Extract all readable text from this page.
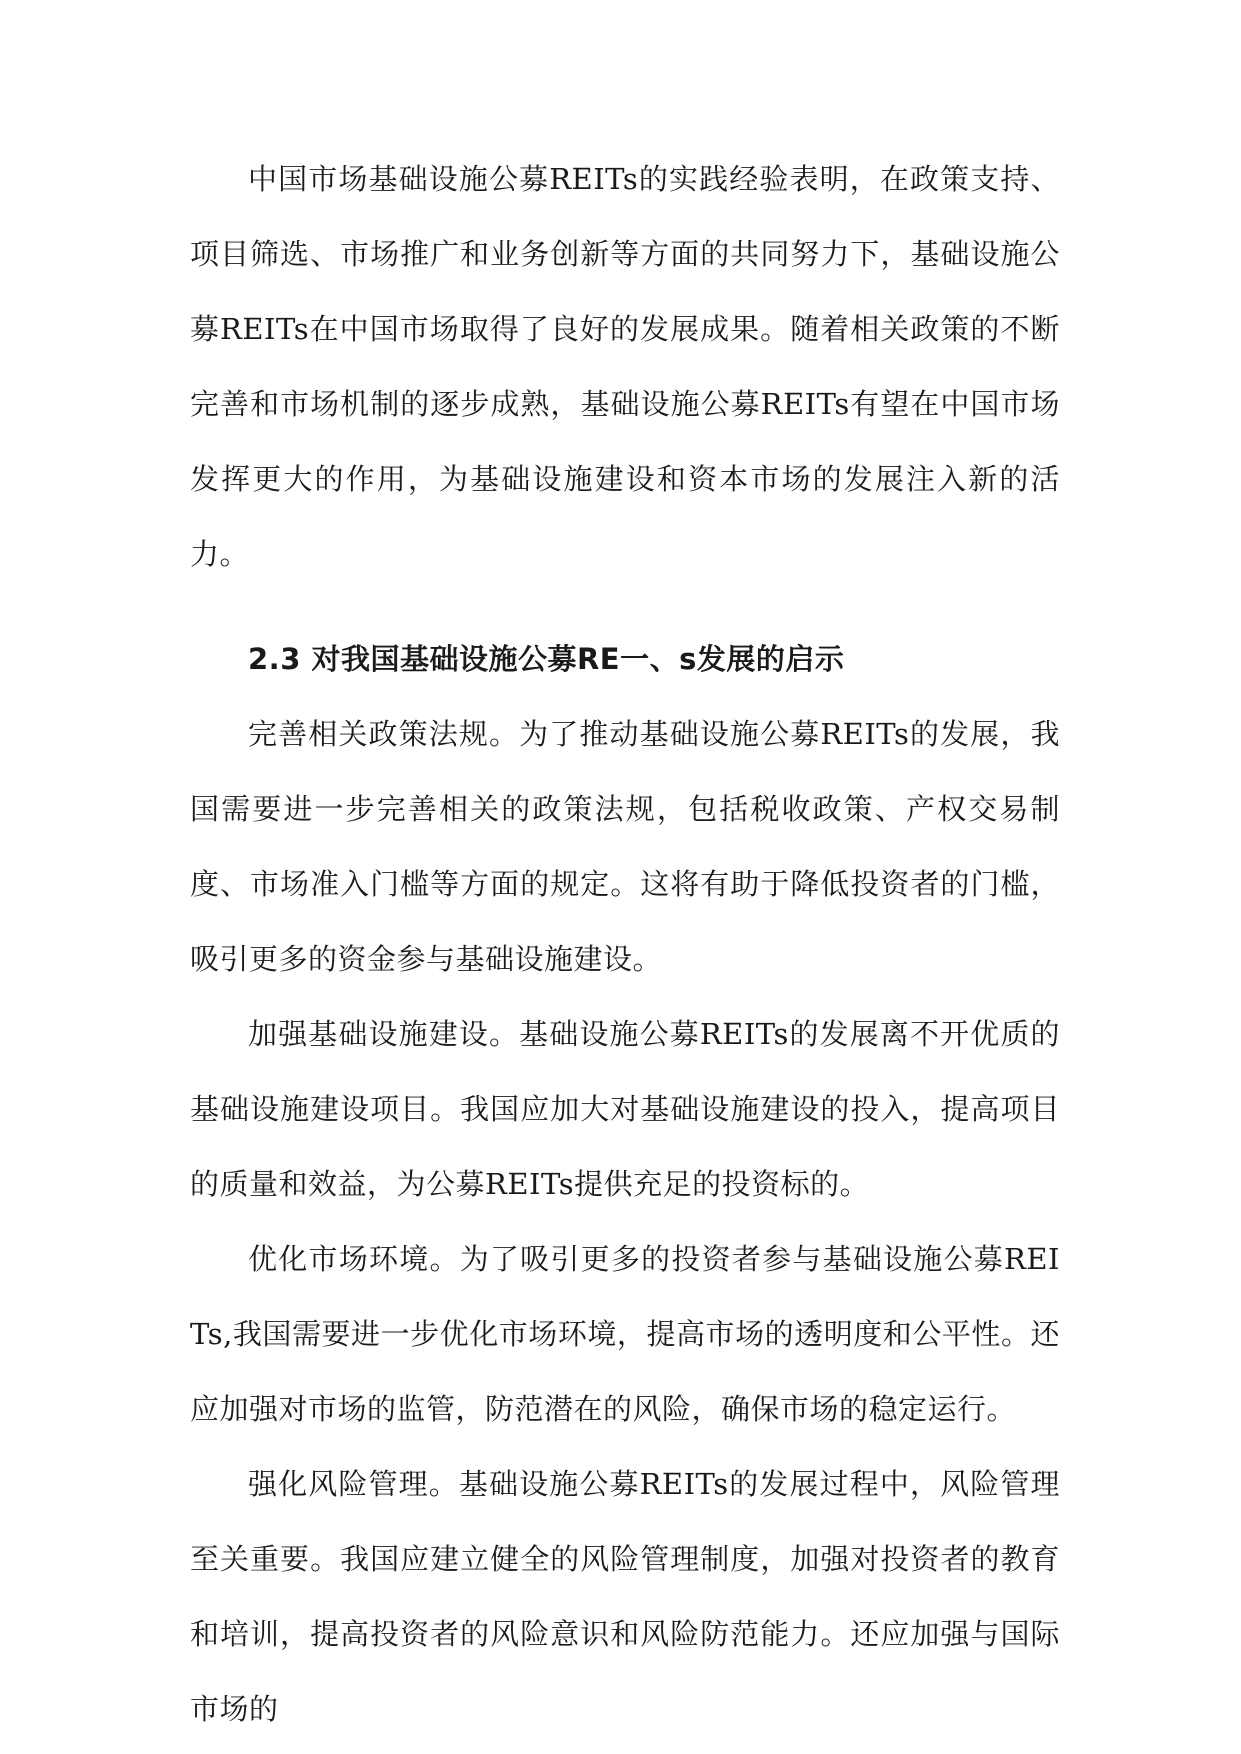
中国市场基础设施公募REITs的实践经验表明，在政策支持、项目筛选、市场推广和业务创新等方面的共同努力下，基础设施公募REITs在中国市场取得了良好的发展成果。随着相关政策的不断完善和市场机制的逐步成熟，基础设施公募REITs有望在中国市场发挥更大的作用，为基础设施建设和资本市场的发展注入新的活力。

2.3 对我国基础设施公募RE一、s发展的启示

完善相关政策法规。为了推动基础设施公募REITs的发展，我国需要进一步完善相关的政策法规，包括税收政策、产权交易制度、市场准入门槛等方面的规定。这将有助于降低投资者的门槛，吸引更多的资金参与基础设施建设。

加强基础设施建设。基础设施公募REITs的发展离不开优质的基础设施建设项目。我国应加大对基础设施建设的投入，提高项目的质量和效益，为公募REITs提供充足的投资标的。

优化市场环境。为了吸引更多的投资者参与基础设施公募REITs,我国需要进一步优化市场环境，提高市场的透明度和公平性。还应加强对市场的监管，防范潜在的风险，确保市场的稳定运行。

强化风险管理。基础设施公募REITs的发展过程中，风险管理至关重要。我国应建立健全的风险管理制度，加强对投资者的教育和培训，提高投资者的风险意识和风险防范能力。还应加强与国际市场的
